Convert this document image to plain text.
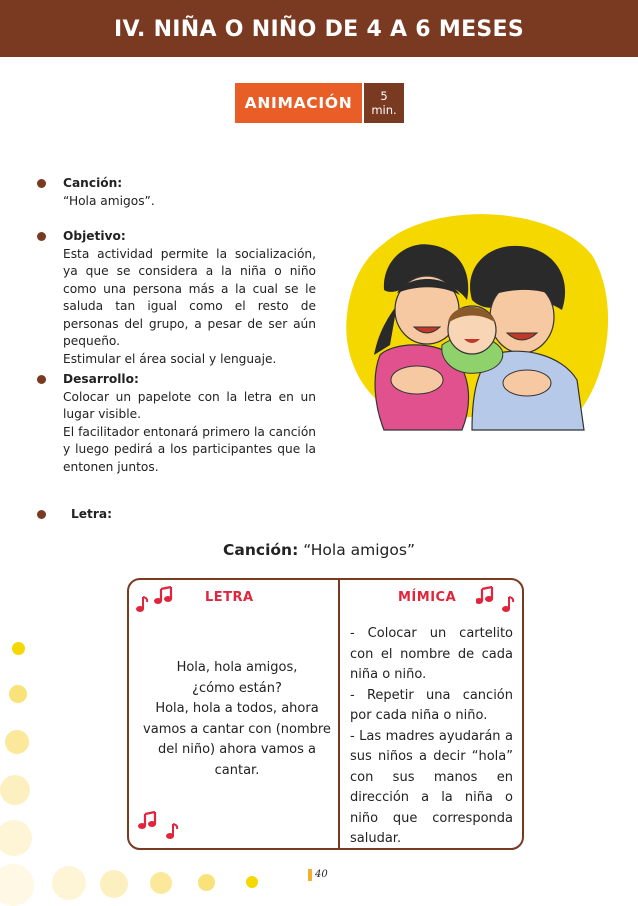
IV. NIÑA O NIÑO DE 4 A 6 MESES
ANIMACIÓN	5
min.
Canción:

“Hola amigos”.

Objetivo:

Esta actividad permite la socialización, ya que se considera a la niña o niño como una persona más a la cual se le saluda tan igual como el resto de personas del grupo, a pesar de ser aún pequeño.

Estimular el área social y lenguaje.

Desarrollo:

Colocar un papelote con la letra en un lugar visible.

El facilitador entonará primero la canción y luego pedirá a los participantes que la entonen juntos.

Letra:
Canción: “Hola amigos”
LETRA	MÍMICA

Hola, hola amigos,

¿cómo están?

Hola, hola a todos, ahora vamos a cantar con (nombre del niño) ahora vamos a cantar.

- Colocar un cartelito con el nombre de cada niña o niño.

- Repetir una canción por cada niña o niño.

- Las madres ayudarán a sus niños a decir “hola” con sus manos en dirección a la niña o niño que corresponda saludar.

40
